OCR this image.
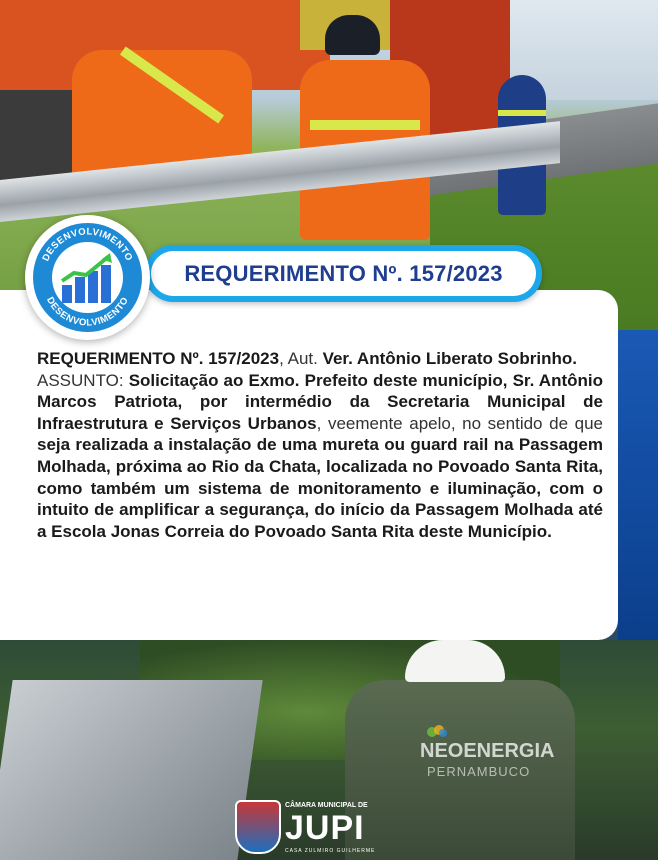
NEOENERGIA
PERNAMBUCO
REQUERIMENTO Nº. 157/2023, Aut. Ver. Antônio Liberato Sobrinho.
ASSUNTO: Solicitação ao Exmo. Prefeito deste município, Sr. Antônio Marcos Patriota, por intermédio da Secretaria Municipal de Infraestrutura e Serviços Urbanos, veemente apelo, no sentido de que seja realizada a instalação de uma mureta ou guard rail na Passagem Molhada, próxima ao Rio da Chata, localizada no Povoado Santa Rita, como também um sistema de monitoramento e iluminação, com o intuito de amplificar a segurança, do início da Passagem Molhada até a Escola Jonas Correia do Povoado Santa Rita deste Município.
REQUERIMENTO Nº. 157/2023
DESENVOLVIMENTO
DESENVOLVIMENTO
CÂMARA MUNICIPAL DE
JUPI
CASA ZULMIRO GUILHERME
